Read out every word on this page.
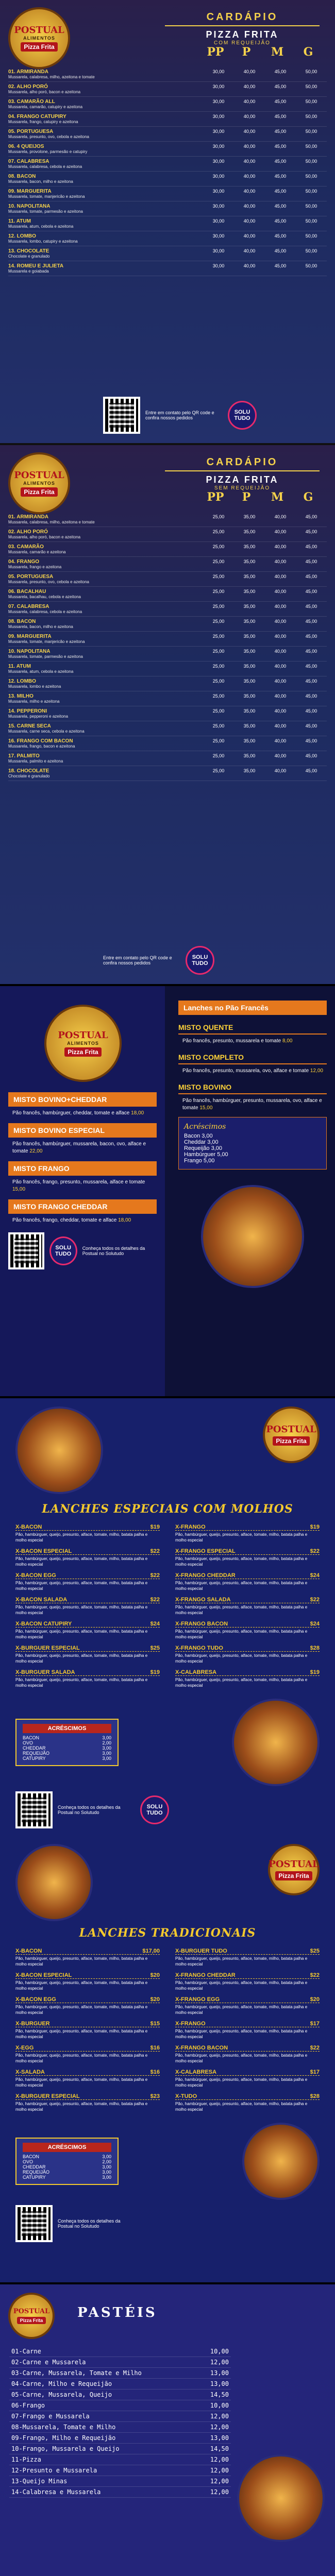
POSTUAL
ALIMENTOS
Pizza Frita
CARDÁPIO
PIZZA FRITA
COM REQUEIJÃO
PP	P	M	G
01. ARMIRANDA
Mussarela, calabresa, milho, azeitona e tomate
30,00	40,00	45,00	50,00
02. ALHO PORÓ
Mussarela, alho poró, bacon e azeitona
30,00	40,00	45,00	50,00
03. CAMARÃO ALL
Mussarela, camarão, catupiry e azeitona
30,00	40,00	45,00	50,00
04. FRANGO CATUPIRY
Mussarela, frango, catupiry e azeitona
30,00	40,00	45,00	50,00
05. PORTUGUESA
Mussarela, presunto, ovo, cebola e azeitona
30,00	40,00	45,00	50,00
06. 4 QUEIJOS
Mussarela, provolone, parmesão e catupiry
30,00	40,00	45,00	50,00
07. CALABRESA
Mussarela, calabresa, cebola e azeitona
30,00	40,00	45,00	50,00
08. BACON
Mussarela, bacon, milho e azeitona
30,00	40,00	45,00	50,00
09. MARGUERITA
Mussarela, tomate, manjericão e azeitona
30,00	40,00	45,00	50,00
10. NAPOLITANA
Mussarela, tomate, parmesão e azeitona
30,00	40,00	45,00	50,00
11. ATUM
Mussarela, atum, cebola e azeitona
30,00	40,00	45,00	50,00
12. LOMBO
Mussarela, lombo, catupiry e azeitona
30,00	40,00	45,00	50,00
13. CHOCOLATE
Chocolate e granulado
30,00	40,00	45,00	50,00
14. ROMEU E JULIETA
Mussarela e goiabada
30,00	40,00	45,00	50,00
Entre em contato pelo QR code e confira nossos pedidos
SOLU
TUDO
POSTUAL
ALIMENTOS
Pizza Frita
CARDÁPIO
PIZZA FRITA
SEM REQUEIJÃO
PP	P	M	G
01. ARMIRANDA
Mussarela, calabresa, milho, azeitona e tomate
25,00	35,00	40,00	45,00
02. ALHO PORÓ
Mussarela, alho poró, bacon e azeitona
25,00	35,00	40,00	45,00
03. CAMARÃO
Mussarela, camarão e azeitona
25,00	35,00	40,00	45,00
04. FRANGO
Mussarela, frango e azeitona
25,00	35,00	40,00	45,00
05. PORTUGUESA
Mussarela, presunto, ovo, cebola e azeitona
25,00	35,00	40,00	45,00
06. BACALHAU
Mussarela, bacalhau, cebola e azeitona
25,00	35,00	40,00	45,00
07. CALABRESA
Mussarela, calabresa, cebola e azeitona
25,00	35,00	40,00	45,00
08. BACON
Mussarela, bacon, milho e azeitona
25,00	35,00	40,00	45,00
09. MARGUERITA
Mussarela, tomate, manjericão e azeitona
25,00	35,00	40,00	45,00
10. NAPOLITANA
Mussarela, tomate, parmesão e azeitona
25,00	35,00	40,00	45,00
11. ATUM
Mussarela, atum, cebola e azeitona
25,00	35,00	40,00	45,00
12. LOMBO
Mussarela, lombo e azeitona
25,00	35,00	40,00	45,00
13. MILHO
Mussarela, milho e azeitona
25,00	35,00	40,00	45,00
14. PEPPERONI
Mussarela, pepperoni e azeitona
25,00	35,00	40,00	45,00
15. CARNE SECA
Mussarela, carne seca, cebola e azeitona
25,00	35,00	40,00	45,00
16. FRANGO COM BACON
Mussarela, frango, bacon e azeitona
25,00	35,00	40,00	45,00
17. PALMITO
Mussarela, palmito e azeitona
25,00	35,00	40,00	45,00
18. CHOCOLATE
Chocolate e granulado
25,00	35,00	40,00	45,00
Entre em contato pelo QR code e confira nossos pedidos
SOLU
TUDO
POSTUAL
ALIMENTOS
Pizza Frita
MISTO BOVINO+CHEDDAR
Pão francês, hambúrguer, cheddar, tomate e alface 18,00
MISTO BOVINO ESPECIAL
Pão francês, hambúrguer, mussarela, bacon, ovo, alface e tomate 22,00
MISTO FRANGO
Pão francês, frango, presunto, mussarela, alface e tomate 15,00
MISTO FRANGO CHEDDAR
Pão francês, frango, cheddar, tomate e alface 18,00
SOLU
TUDO
Conheça todos os detalhes da Postual no Solutudo
Lanches no Pão Francês
MISTO QUENTE
Pão francês, presunto, mussarela e tomate 8,00
MISTO COMPLETO
Pão francês, presunto, mussarela, ovo, alface e tomate 12,00
MISTO BOVINO
Pão francês, hambúrguer, presunto, mussarela, ovo, alface e tomate 15,00
Acréscimos
Bacon 3,00
Cheddar 3,00
Requeijão 3,00
Hambúrguer 5,00
Frango 5,00
POSTUAL
Pizza Frita
LANCHES ESPECIAIS COM MOLHOS
X-BACON	$19
Pão, hambúrguer, queijo, presunto, alface, tomate, milho, batata palha e molho especial
X-BACON ESPECIAL	$22
Pão, hambúrguer, queijo, presunto, alface, tomate, milho, batata palha e molho especial
X-BACON EGG	$22
Pão, hambúrguer, queijo, presunto, alface, tomate, milho, batata palha e molho especial
X-BACON SALADA	$22
Pão, hambúrguer, queijo, presunto, alface, tomate, milho, batata palha e molho especial
X-BACON CATUPIRY	$24
Pão, hambúrguer, queijo, presunto, alface, tomate, milho, batata palha e molho especial
X-BURGUER ESPECIAL	$25
Pão, hambúrguer, queijo, presunto, alface, tomate, milho, batata palha e molho especial
X-BURGUER SALADA	$19
Pão, hambúrguer, queijo, presunto, alface, tomate, milho, batata palha e molho especial
X-FRANGO	$19
Pão, hambúrguer, queijo, presunto, alface, tomate, milho, batata palha e molho especial
X-FRANGO ESPECIAL	$22
Pão, hambúrguer, queijo, presunto, alface, tomate, milho, batata palha e molho especial
X-FRANGO CHEDDAR	$24
Pão, hambúrguer, queijo, presunto, alface, tomate, milho, batata palha e molho especial
X-FRANGO SALADA	$22
Pão, hambúrguer, queijo, presunto, alface, tomate, milho, batata palha e molho especial
X-FRANGO BACON	$24
Pão, hambúrguer, queijo, presunto, alface, tomate, milho, batata palha e molho especial
X-FRANGO TUDO	$28
Pão, hambúrguer, queijo, presunto, alface, tomate, milho, batata palha e molho especial
X-CALABRESA	$19
Pão, hambúrguer, queijo, presunto, alface, tomate, milho, batata palha e molho especial
ACRÉSCIMOS
BACON	3,00
OVO	2,00
CHEDDAR	3,00
REQUEIJÃO	3,00
CATUPIRY	3,00
Conheça todos os detalhes da Postual no Solutudo
SOLU
TUDO
POSTUAL
Pizza Frita
LANCHES TRADICIONAIS
X-BACON	$17,00
Pão, hambúrguer, queijo, presunto, alface, tomate, milho, batata palha e molho especial
X-BACON ESPECIAL	$20
Pão, hambúrguer, queijo, presunto, alface, tomate, milho, batata palha e molho especial
X-BACON EGG	$20
Pão, hambúrguer, queijo, presunto, alface, tomate, milho, batata palha e molho especial
X-BURGUER	$15
Pão, hambúrguer, queijo, presunto, alface, tomate, milho, batata palha e molho especial
X-EGG	$16
Pão, hambúrguer, queijo, presunto, alface, tomate, milho, batata palha e molho especial
X-SALADA	$16
Pão, hambúrguer, queijo, presunto, alface, tomate, milho, batata palha e molho especial
X-BURGUER ESPECIAL	$23
Pão, hambúrguer, queijo, presunto, alface, tomate, milho, batata palha e molho especial
X-BURGUER TUDO	$25
Pão, hambúrguer, queijo, presunto, alface, tomate, milho, batata palha e molho especial
X-FRANGO CHEDDAR	$22
Pão, hambúrguer, queijo, presunto, alface, tomate, milho, batata palha e molho especial
X-FRANGO EGG	$20
Pão, hambúrguer, queijo, presunto, alface, tomate, milho, batata palha e molho especial
X-FRANGO	$17
Pão, hambúrguer, queijo, presunto, alface, tomate, milho, batata palha e molho especial
X-FRANGO BACON	$22
Pão, hambúrguer, queijo, presunto, alface, tomate, milho, batata palha e molho especial
X-CALABRESA	$17
Pão, hambúrguer, queijo, presunto, alface, tomate, milho, batata palha e molho especial
X-TUDO	$28
Pão, hambúrguer, queijo, presunto, alface, tomate, milho, batata palha e molho especial
ACRÉSCIMOS
BACON	3,00
OVO	2,00
CHEDDAR	3,00
REQUEIJÃO	3,00
CATUPIRY	3,00
Conheça todos os detalhes da Postual no Solutudo
POSTUAL
Pizza Frita	PASTÉIS
01-Carne	10,00
02-Carne e Mussarela	12,00
03-Carne, Mussarela, Tomate e Milho	13,00
04-Carne, Milho e Requeijão	13,00
05-Carne, Mussarela, Queijo	14,50
06-Frango	10,00
07-Frango e Mussarela	12,00
08-Mussarela, Tomate e Milho	12,00
09-Frango, Milho e Requeijão	13,00
10-Frango, Mussarela e Queijo	14,50
11-Pizza	12,00
12-Presunto e Mussarela	12,00
13-Queijo Minas	12,00
14-Calabresa e Mussarela	12,00
